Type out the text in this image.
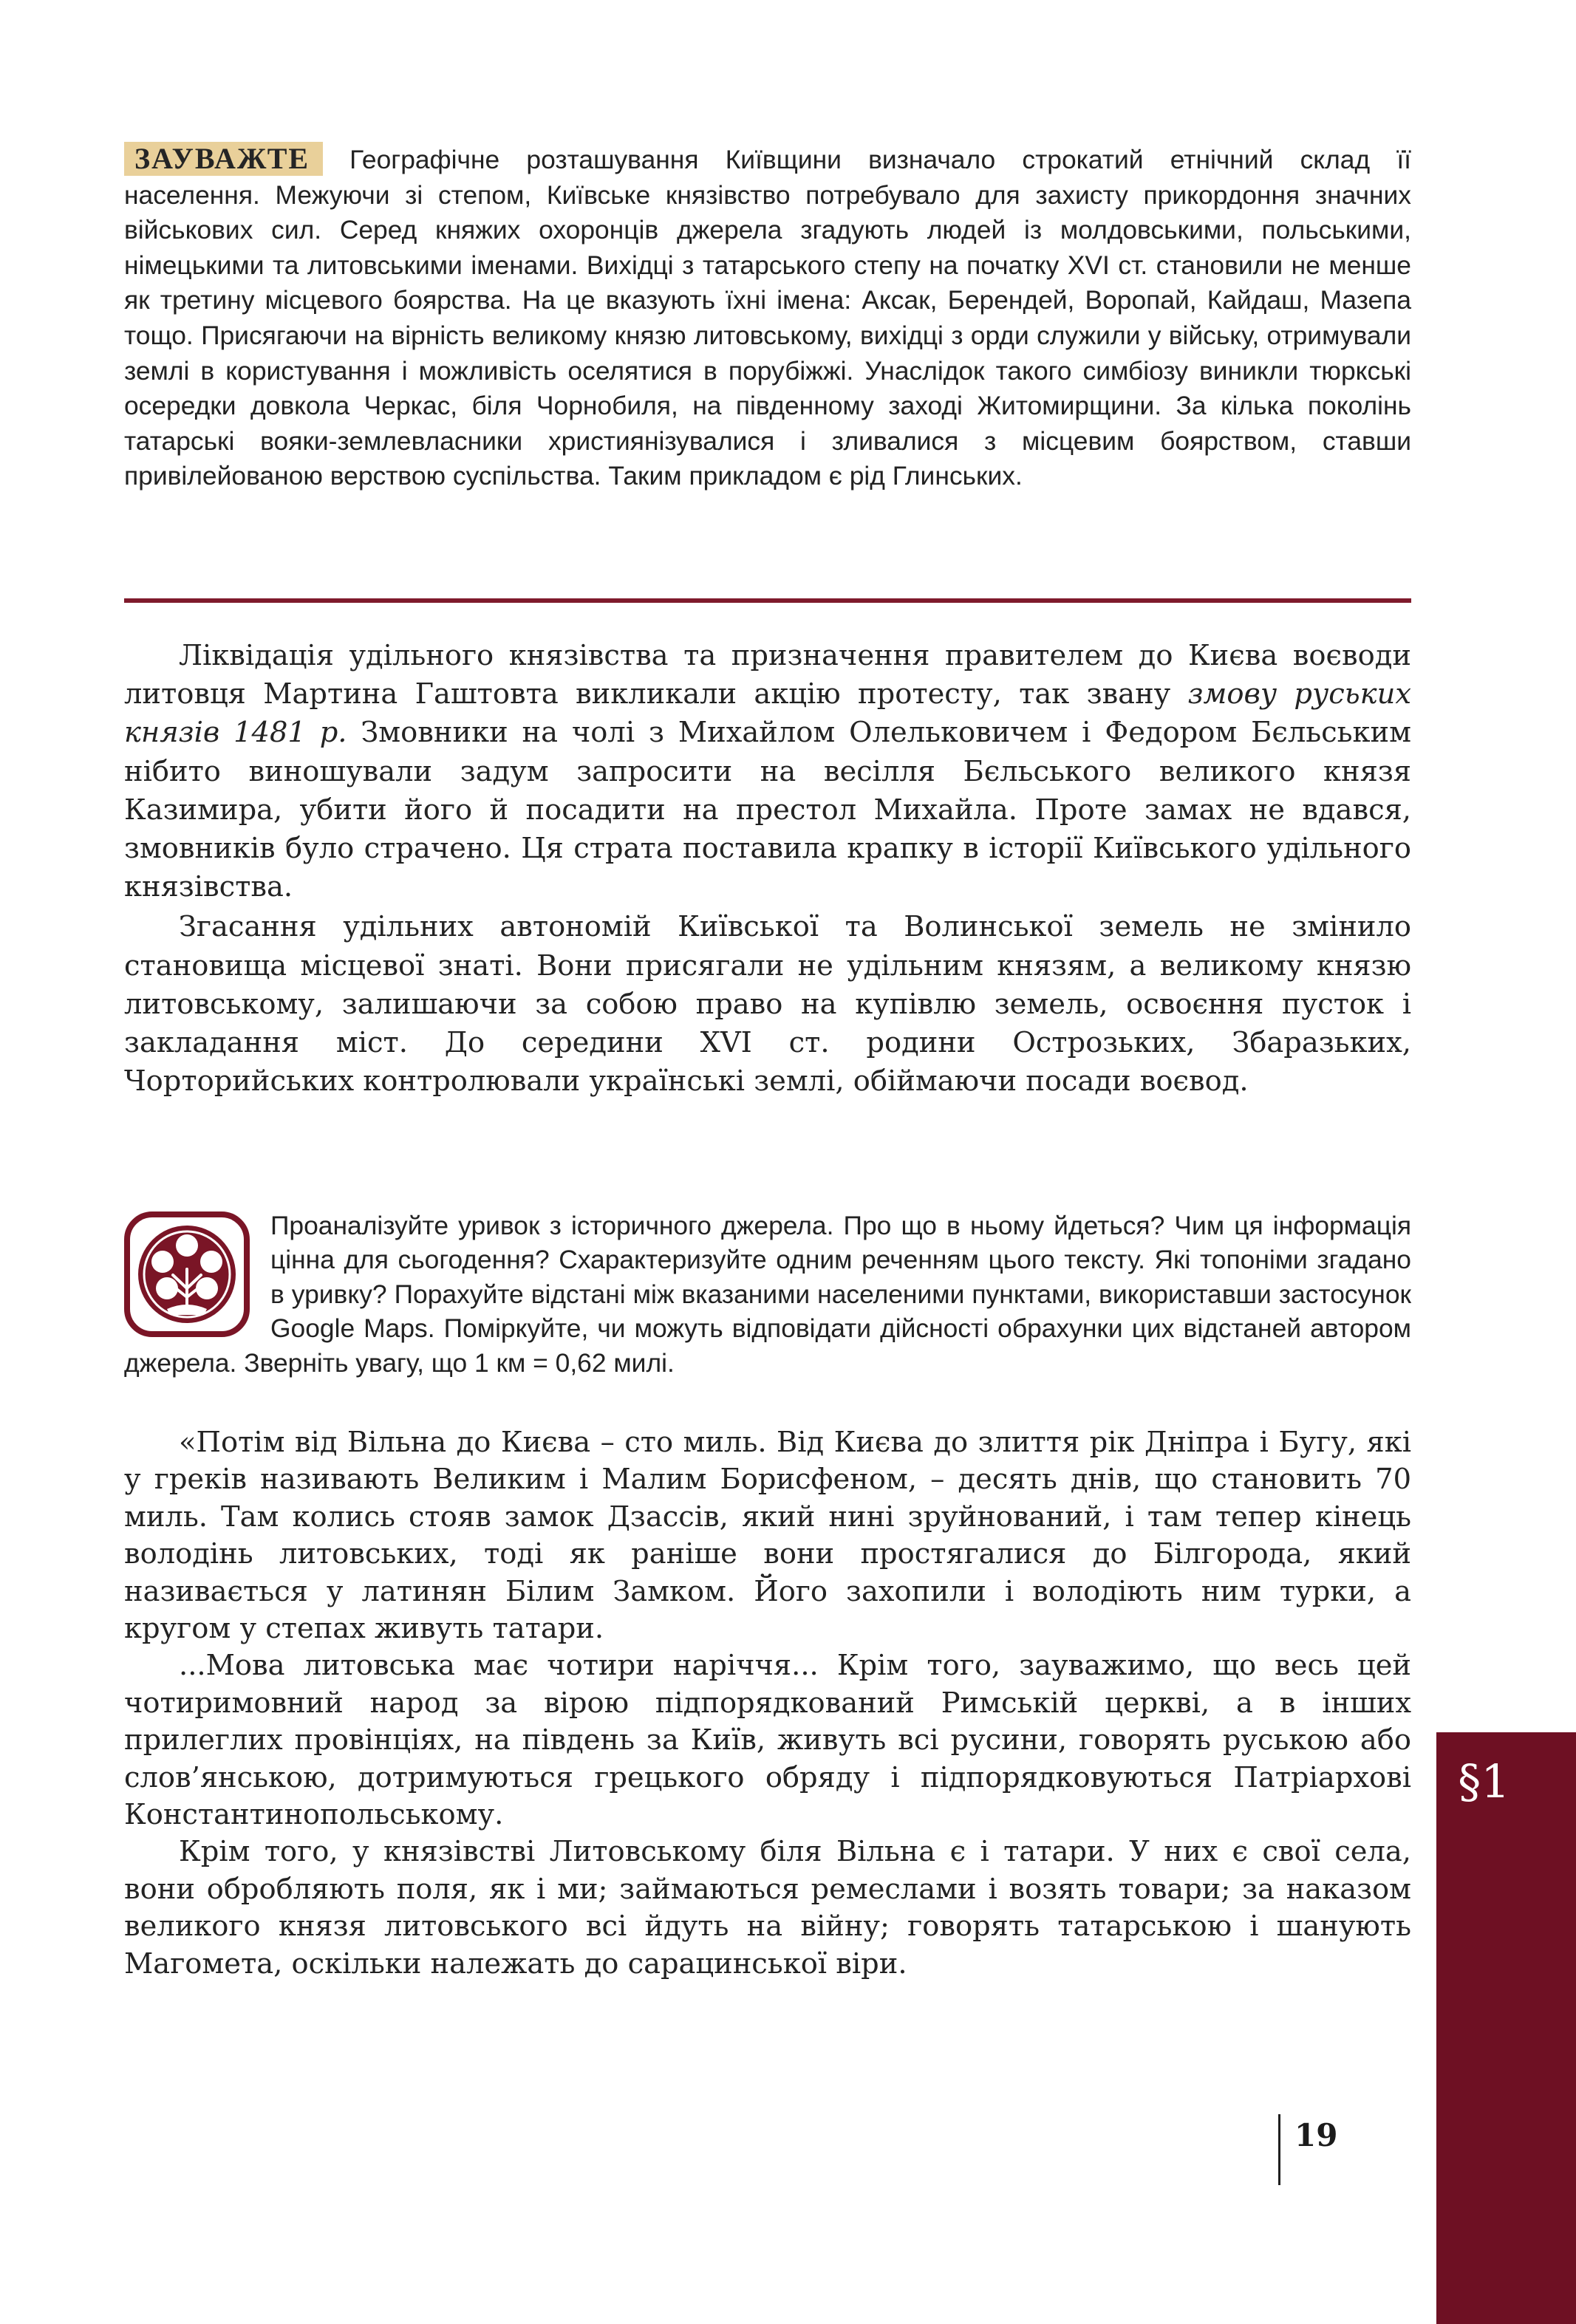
ЗАУВАЖТЕ Географічне розташування Київщини визначало строкатий етнічний склад її населення. Межуючи зі степом, Київське князівство потребувало для захисту прикордоння значних військових сил. Серед княжих охоронців джерела згадують людей із молдовськими, польськими, німецькими та литовськими іменами. Вихідці з татарського степу на початку XVI ст. становили не менше як третину місцевого боярства. На це вказують їхні імена: Аксак, Берендей, Воропай, Кайдаш, Мазепа тощо. Присягаючи на вірність великому князю литовському, вихідці з орди служили у війську, отримували землі в користування і можливість оселятися в порубіжжі. Унаслідок такого симбіозу виникли тюркські осередки довкола Черкас, біля Чорнобиля, на південному заході Житомирщини. За кілька поколінь татарські вояки-землевласники християнізувалися і зливалися з місцевим боярством, ставши привілейованою верствою суспільства. Таким прикладом є рід Глинських.

Ліквідація удільного князівства та призначення правителем до Києва воєводи литовця Мартина Гаштовта викликали акцію протесту, так звану змову руських князів 1481 р. Змовники на чолі з Михайлом Олельковичем і Федором Бєльським нібито виношували задум запросити на весілля Бєльського великого князя Казимира, убити його й посадити на престол Михайла. Проте замах не вдався, змовників було страчено. Ця страта поставила крапку в історії Київського удільного князівства.

Згасання удільних автономій Київської та Волинської земель не змінило становища місцевої знаті. Вони присягали не удільним князям, а великому князю литовському, залишаючи за собою право на купівлю земель, освоєння пусток і закладання міст. До середини XVI ст. родини Острозьких, Збаразьких, Чорторийських контролювали українські землі, обіймаючи посади воєвод.

Проаналізуйте уривок з історичного джерела. Про що в ньому йдеться? Чим ця інформація цінна для сьогодення? Схарактеризуйте одним реченням цього тексту. Які топоніми згадано в уривку? Порахуйте відстані між вказаними населеними пунктами, використавши застосунок Google Maps. Поміркуйте, чи можуть відповідати дійсності обрахунки цих відстаней автором джерела. Зверніть увагу, що 1 км = 0,62 милі.

«Потім від Вільна до Києва – сто миль. Від Києва до злиття рік Дніпра і Бугу, які у греків називають Великим і Малим Борисфеном, – десять днів, що становить 70 миль. Там колись стояв замок Дзассів, який нині зруйнований, і там тепер кінець володінь литовських, тоді як раніше вони простягалися до Білгорода, який називається у латинян Білим Замком. Його захопили і володіють ним турки, а кругом у степах живуть татари.

...Мова литовська має чотири наріччя... Крім того, зауважимо, що весь цей чотиримовний народ за вірою підпорядкований Римській церкві, а в інших прилеглих провінціях, на південь за Київ, живуть всі русини, говорять руською або слов’янською, дотримуються грецького обряду і підпорядковуються Патріархові Константинопольському.

Крім того, у князівстві Литовському біля Вільна є і татари. У них є свої села, вони обробляють поля, як і ми; займаються ремеслами і возять товари; за наказом великого князя литовського всі йдуть на війну; говорять татарською і шанують Магомета, оскільки належать до сарацинської віри.

19
§1
